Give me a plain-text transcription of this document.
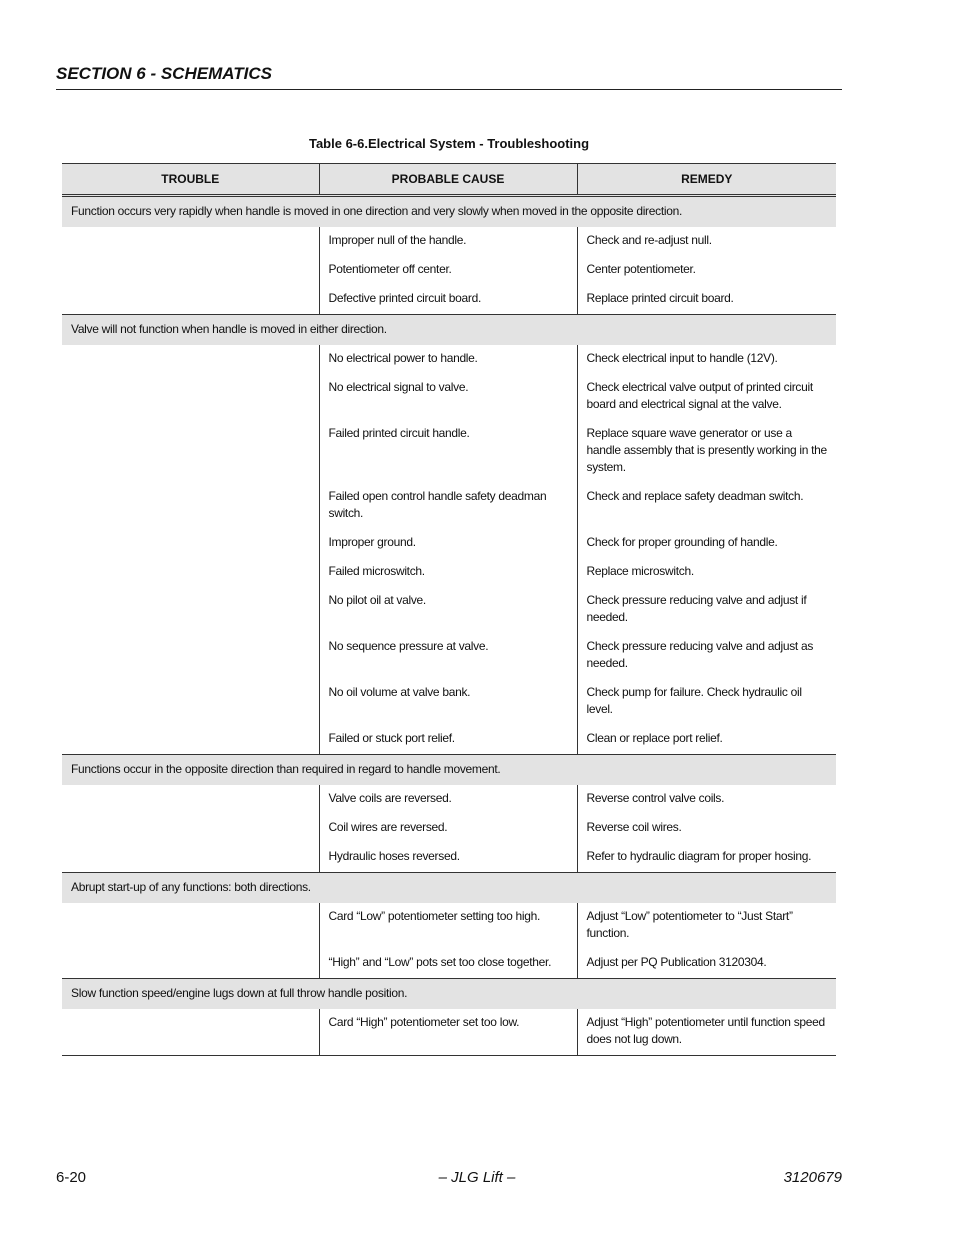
SECTION 6 - SCHEMATICS
Table 6-6.Electrical System - Troubleshooting
TROUBLE	PROBABLE CAUSE	REMEDY
Function occurs very rapidly when handle is moved in one direction and very slowly when moved in the opposite direction.		
	Improper null of the handle.	Check and re-adjust null.
	Potentiometer off center.	Center potentiometer.
	Defective printed circuit board.	Replace printed circuit board.
Valve will not function when handle is moved in either direction.		
	No electrical power to handle.	Check electrical input to handle (12V).
	No electrical signal to valve.	Check electrical valve output of printed circuit board and electrical signal at the valve.
	Failed printed circuit handle.	Replace square wave generator or use a handle assembly that is presently working in the system.
	Failed open control handle safety deadman switch.	Check and replace safety deadman switch.
	Improper ground.	Check for proper grounding of handle.
	Failed microswitch.	Replace microswitch.
	No pilot oil at valve.	Check pressure reducing valve and adjust if needed.
	No sequence pressure at valve.	Check pressure reducing valve and adjust as needed.
	No oil volume at valve bank.	Check pump for failure. Check hydraulic oil level.
	Failed or stuck port relief.	Clean or replace port relief.
Functions occur in the opposite direction than required in regard to handle movement.		
	Valve coils are reversed.	Reverse control valve coils.
	Coil wires are reversed.	Reverse coil wires.
	Hydraulic hoses reversed.	Refer to hydraulic diagram for proper hosing.
Abrupt start-up of any functions: both directions.		
	Card “Low” potentiometer setting too high.	Adjust “Low” potentiometer to “Just Start” function.
	“High” and “Low” pots set too close together.	Adjust per PQ Publication 3120304.
Slow function speed/engine lugs down at full throw handle position.		
	Card “High” potentiometer set too low.	Adjust “High” potentiometer until function speed does not lug down.
6-20	– JLG Lift –	3120679
